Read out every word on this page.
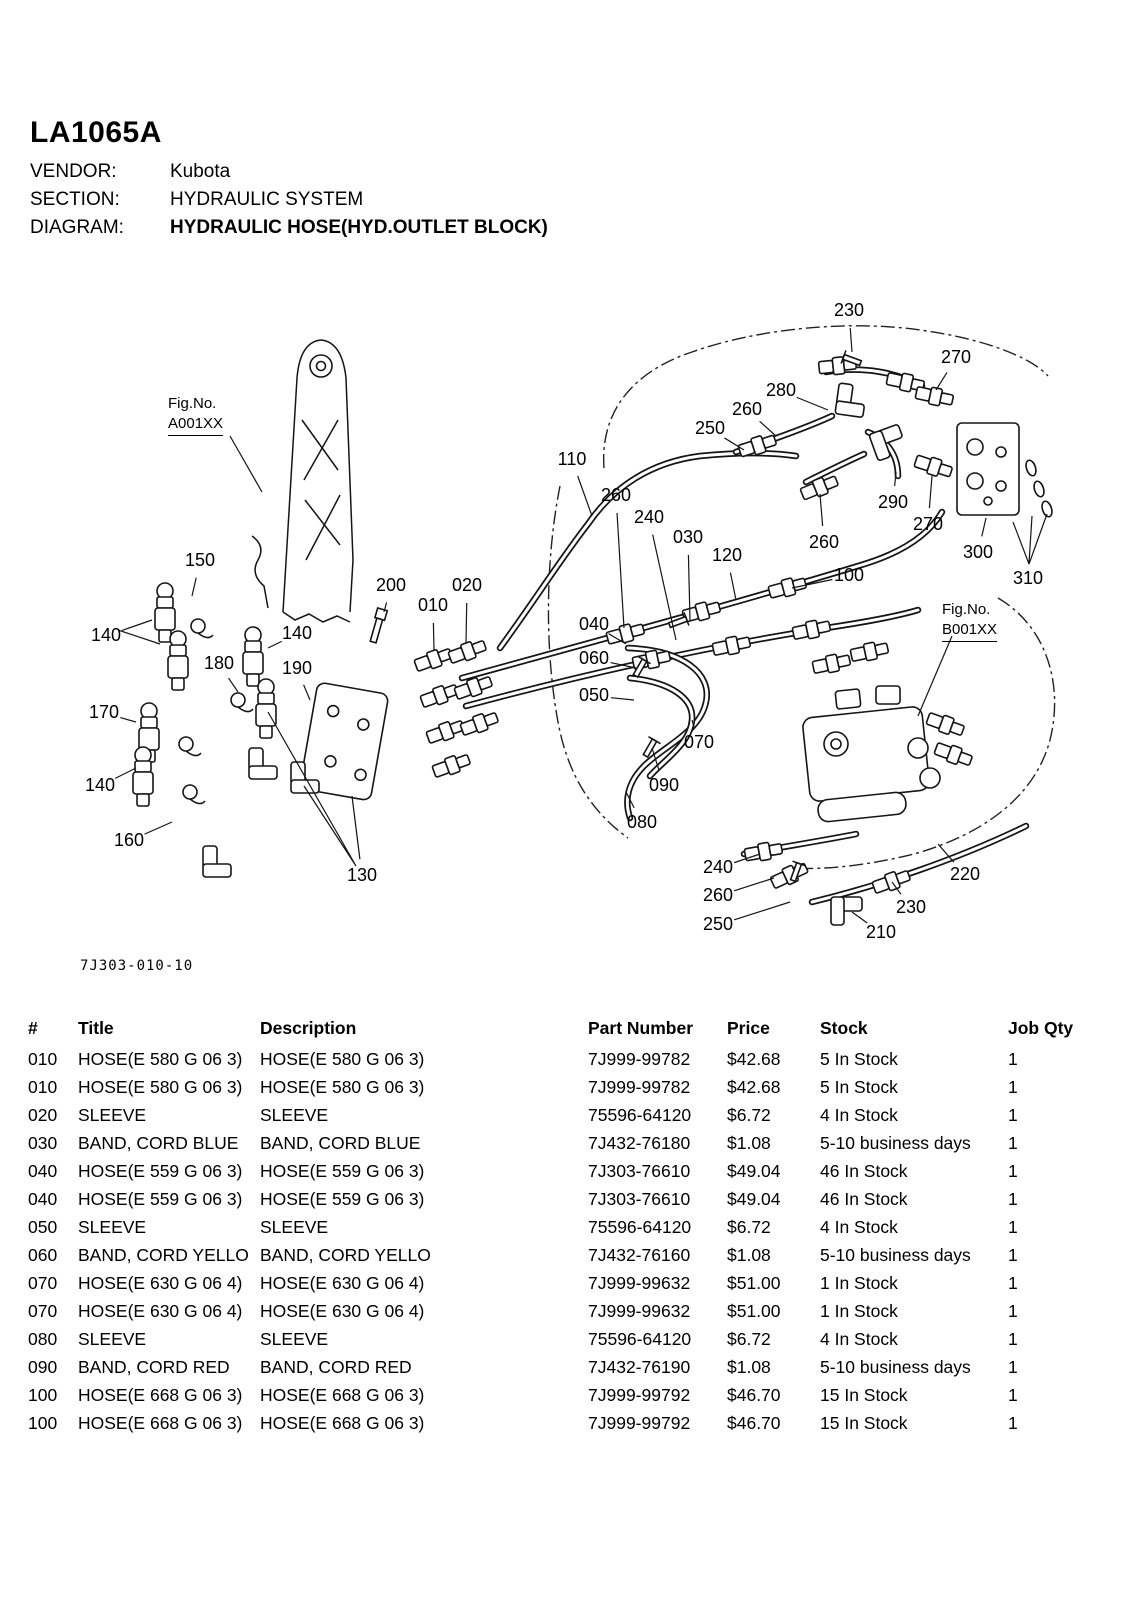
LA1065A
VENDOR:	Kubota
SECTION:	HYDRAULIC SYSTEM
DIAGRAM:	HYDRAULIC HOSE(HYD.OUTLET BLOCK)
230
270
280
260
250
110
260
240
030
120
100
290
260
270
300
310
150
200
010
020
140	140
180	190
170
040
060
050
070
090
080
140
160
130	240
260
250	210
230
220
Fig.No.
A001XX
Fig.No.
B001XX
7J303-010-10
#	Title	Description	Part Number	Price	Stock	Job Qty
010	HOSE(E 580 G 06 3)	HOSE(E 580 G 06 3)	7J999-99782	$42.68	5 In Stock	1
010	HOSE(E 580 G 06 3)	HOSE(E 580 G 06 3)	7J999-99782	$42.68	5 In Stock	1
020	SLEEVE	SLEEVE	75596-64120	$6.72	4 In Stock	1
030	BAND, CORD BLUE	BAND, CORD BLUE	7J432-76180	$1.08	5-10 business days	1
040	HOSE(E 559 G 06 3)	HOSE(E 559 G 06 3)	7J303-76610	$49.04	46 In Stock	1
040	HOSE(E 559 G 06 3)	HOSE(E 559 G 06 3)	7J303-76610	$49.04	46 In Stock	1
050	SLEEVE	SLEEVE	75596-64120	$6.72	4 In Stock	1
060	BAND, CORD YELLO	BAND, CORD YELLO	7J432-76160	$1.08	5-10 business days	1
070	HOSE(E 630 G 06 4)	HOSE(E 630 G 06 4)	7J999-99632	$51.00	1 In Stock	1
070	HOSE(E 630 G 06 4)	HOSE(E 630 G 06 4)	7J999-99632	$51.00	1 In Stock	1
080	SLEEVE	SLEEVE	75596-64120	$6.72	4 In Stock	1
090	BAND, CORD RED	BAND, CORD RED	7J432-76190	$1.08	5-10 business days	1
100	HOSE(E 668 G 06 3)	HOSE(E 668 G 06 3)	7J999-99792	$46.70	15 In Stock	1
100	HOSE(E 668 G 06 3)	HOSE(E 668 G 06 3)	7J999-99792	$46.70	15 In Stock	1
